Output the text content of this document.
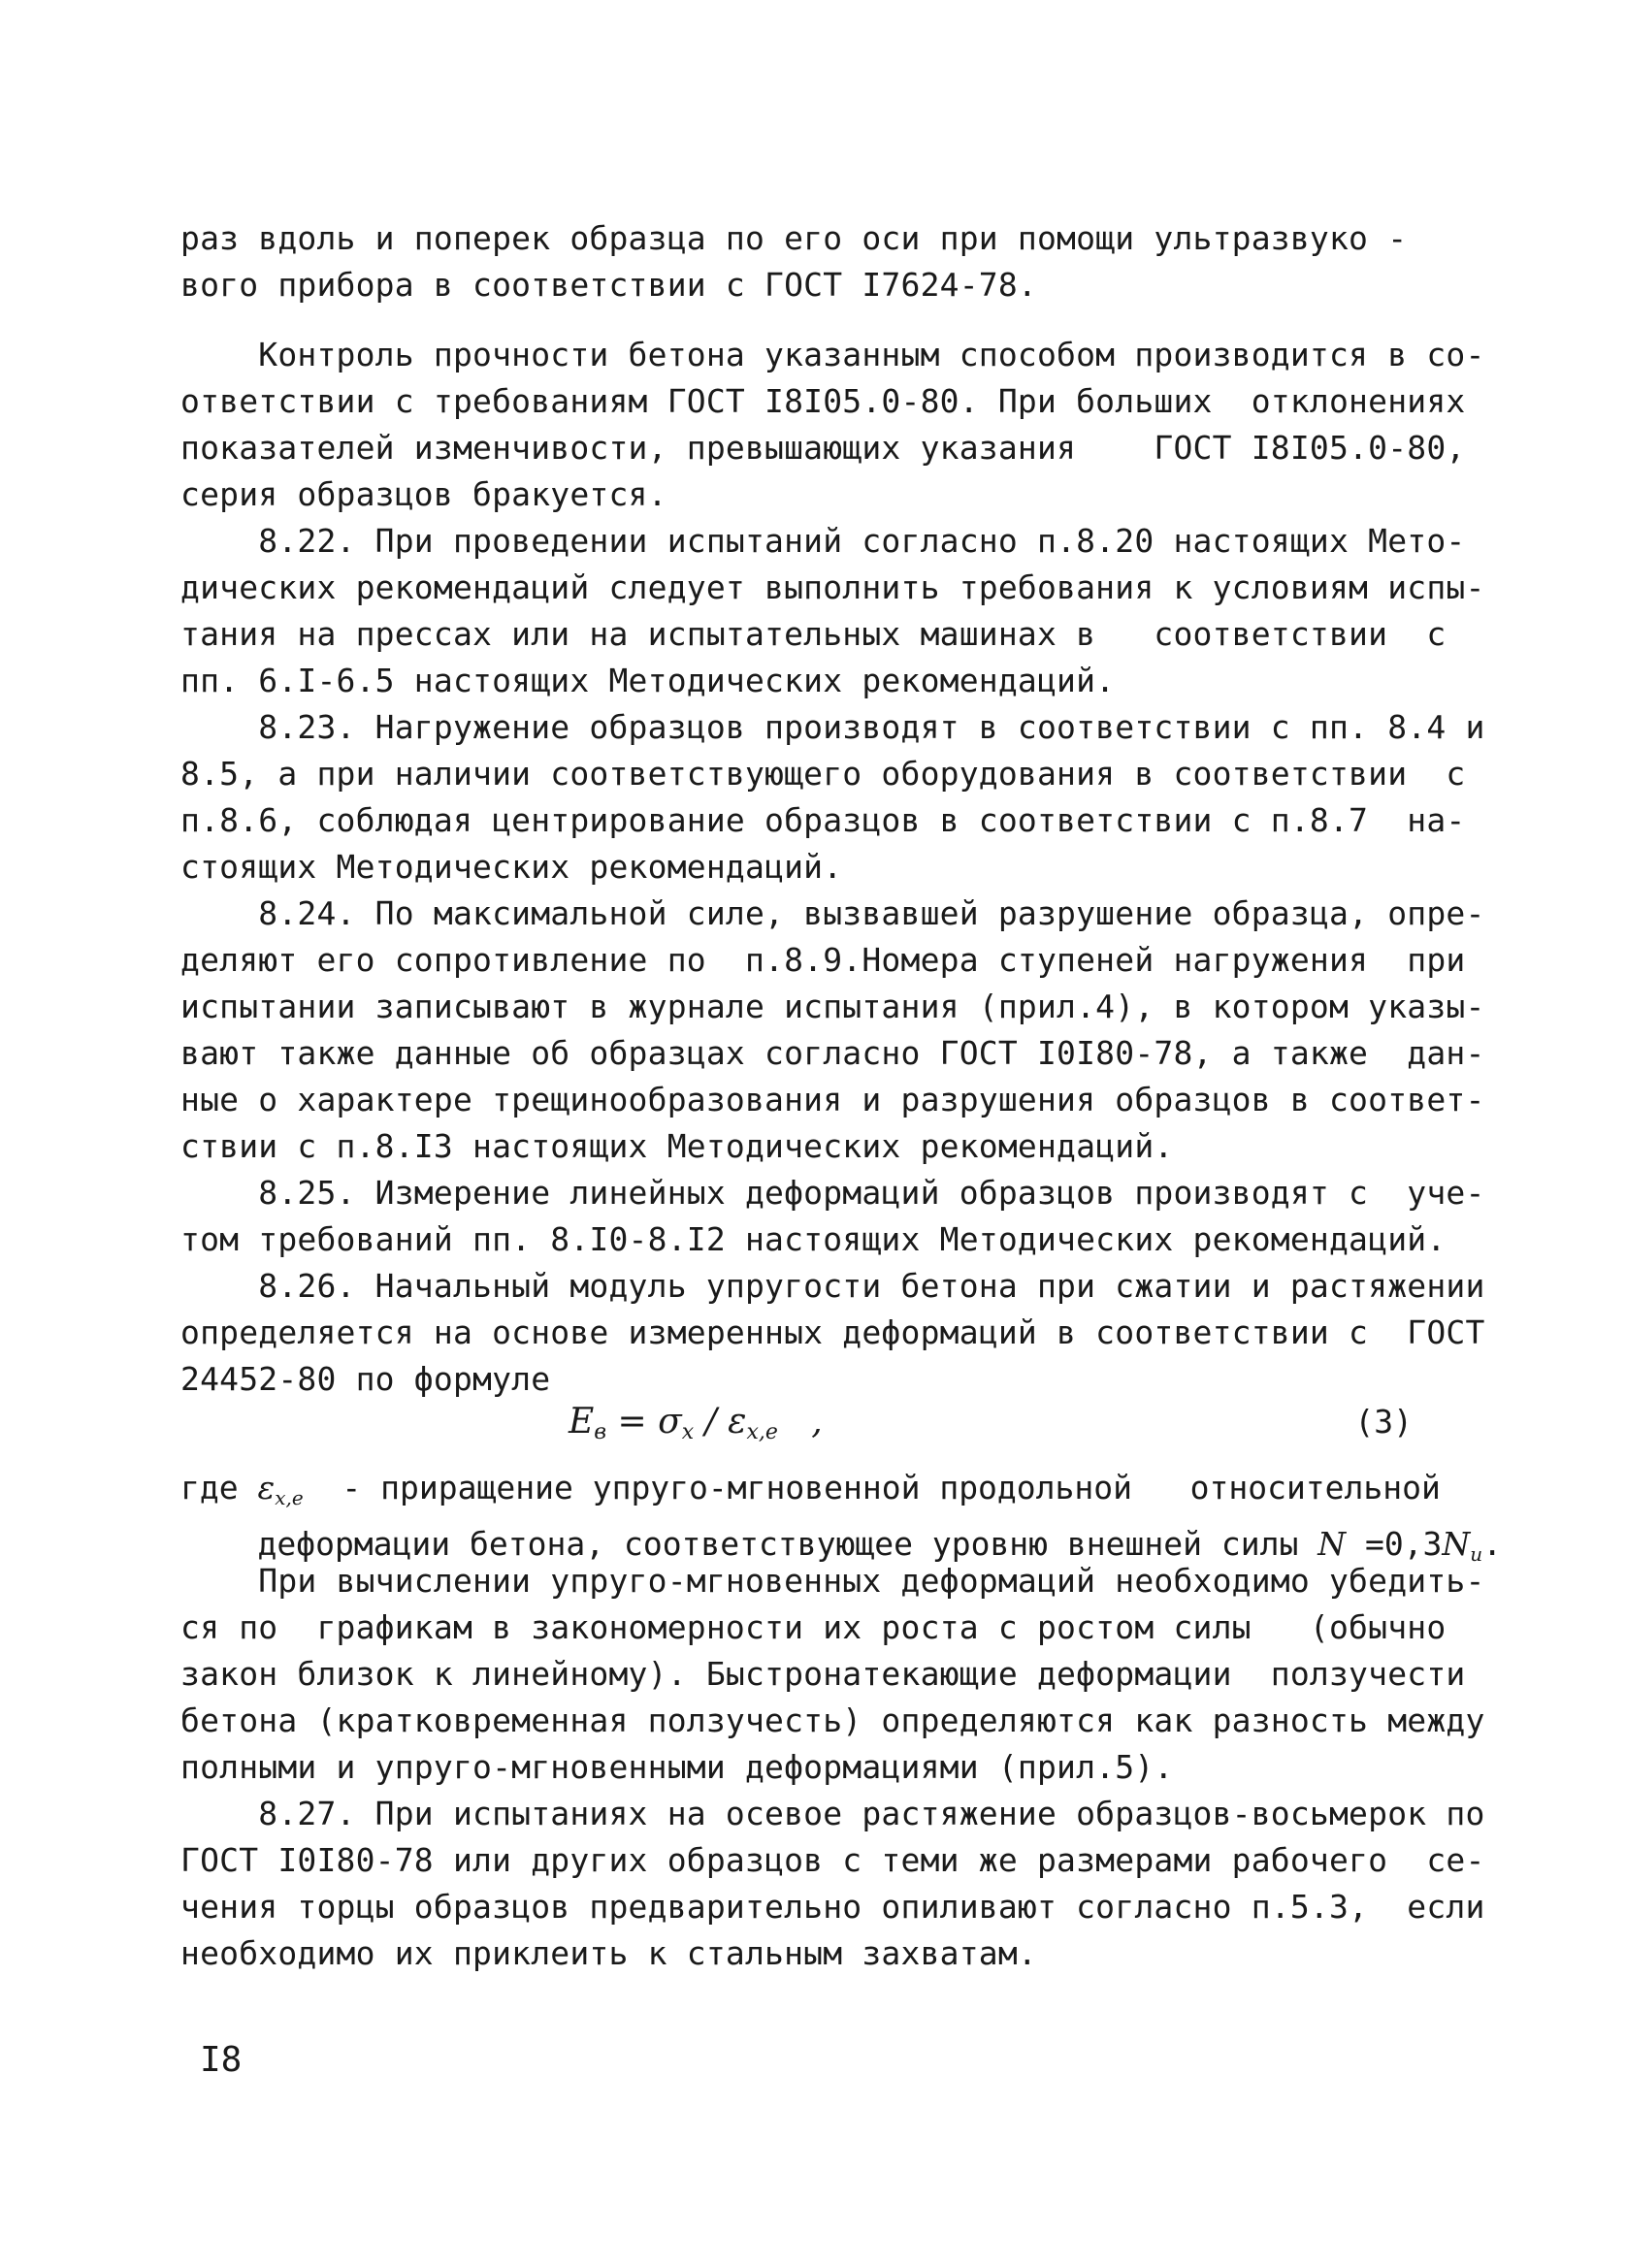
раз вдоль и поперек образца по его оси при помощи ультразвуко -
вого прибора в соответствии с ГОСТ I7624-78.
Контроль прочности бетона указанным способом производится в со-
ответствии с требованиям ГОСТ I8I05.0-80. При больших  отклонениях
показателей изменчивости, превышающих указания    ГОСТ I8I05.0-80,
серия образцов бракуется.
8.22. При проведении испытаний согласно п.8.20 настоящих Мето-
дических рекомендаций следует выполнить требования к условиям испы-
тания на прессах или на испытательных машинах в   соответствии  с
пп. 6.I-6.5 настоящих Методических рекомендаций.
8.23. Нагружение образцов производят в соответствии с пп. 8.4 и
8.5, а при наличии соответствующего оборудования в соответствии  с
п.8.6, соблюдая центрирование образцов в соответствии с п.8.7  на-
стоящих Методических рекомендаций.
8.24. По максимальной силе, вызвавшей разрушение образца, опре-
деляют его сопротивление по  п.8.9.Номера ступеней нагружения  при
испытании записывают в журнале испытания (прил.4), в котором указы-
вают также данные об образцах согласно ГОСТ I0I80-78, а также  дан-
ные о характере трещинообразования и разрушения образцов в соответ-
ствии с п.8.I3 настоящих Методических рекомендаций.
8.25. Измерение линейных деформаций образцов производят с  уче-
том требований пп. 8.I0-8.I2 настоящих Методических рекомендаций.
8.26. Начальный модуль упругости бетона при сжатии и растяжении
определяется на основе измеренных деформаций в соответствии с  ГОСТ
24452-80 по формуле
$E_в = \sigma_x / \varepsilon_{x,e}$   ,	(3)
где $\varepsilon_{x,e}$  - приращение упруго-мгновенной продольной   относительной
деформации бетона, соответствующее уровню внешней силы $N =0,3N_u$.
При вычислении упруго-мгновенных деформаций необходимо убедить-
ся по  графикам в закономерности их роста с ростом силы   (обычно
закон близок к линейному). Быстронатекающие деформации  ползучести
бетона (кратковременная ползучесть) определяются как разность между
полными и упруго-мгновенными деформациями (прил.5).
8.27. При испытаниях на осевое растяжение образцов-восьмерок по
ГОСТ I0I80-78 или других образцов с теми же размерами рабочего  се-
чения торцы образцов предварительно опиливают согласно п.5.3,  если
необходимо их приклеить к стальным захватам.
I8
